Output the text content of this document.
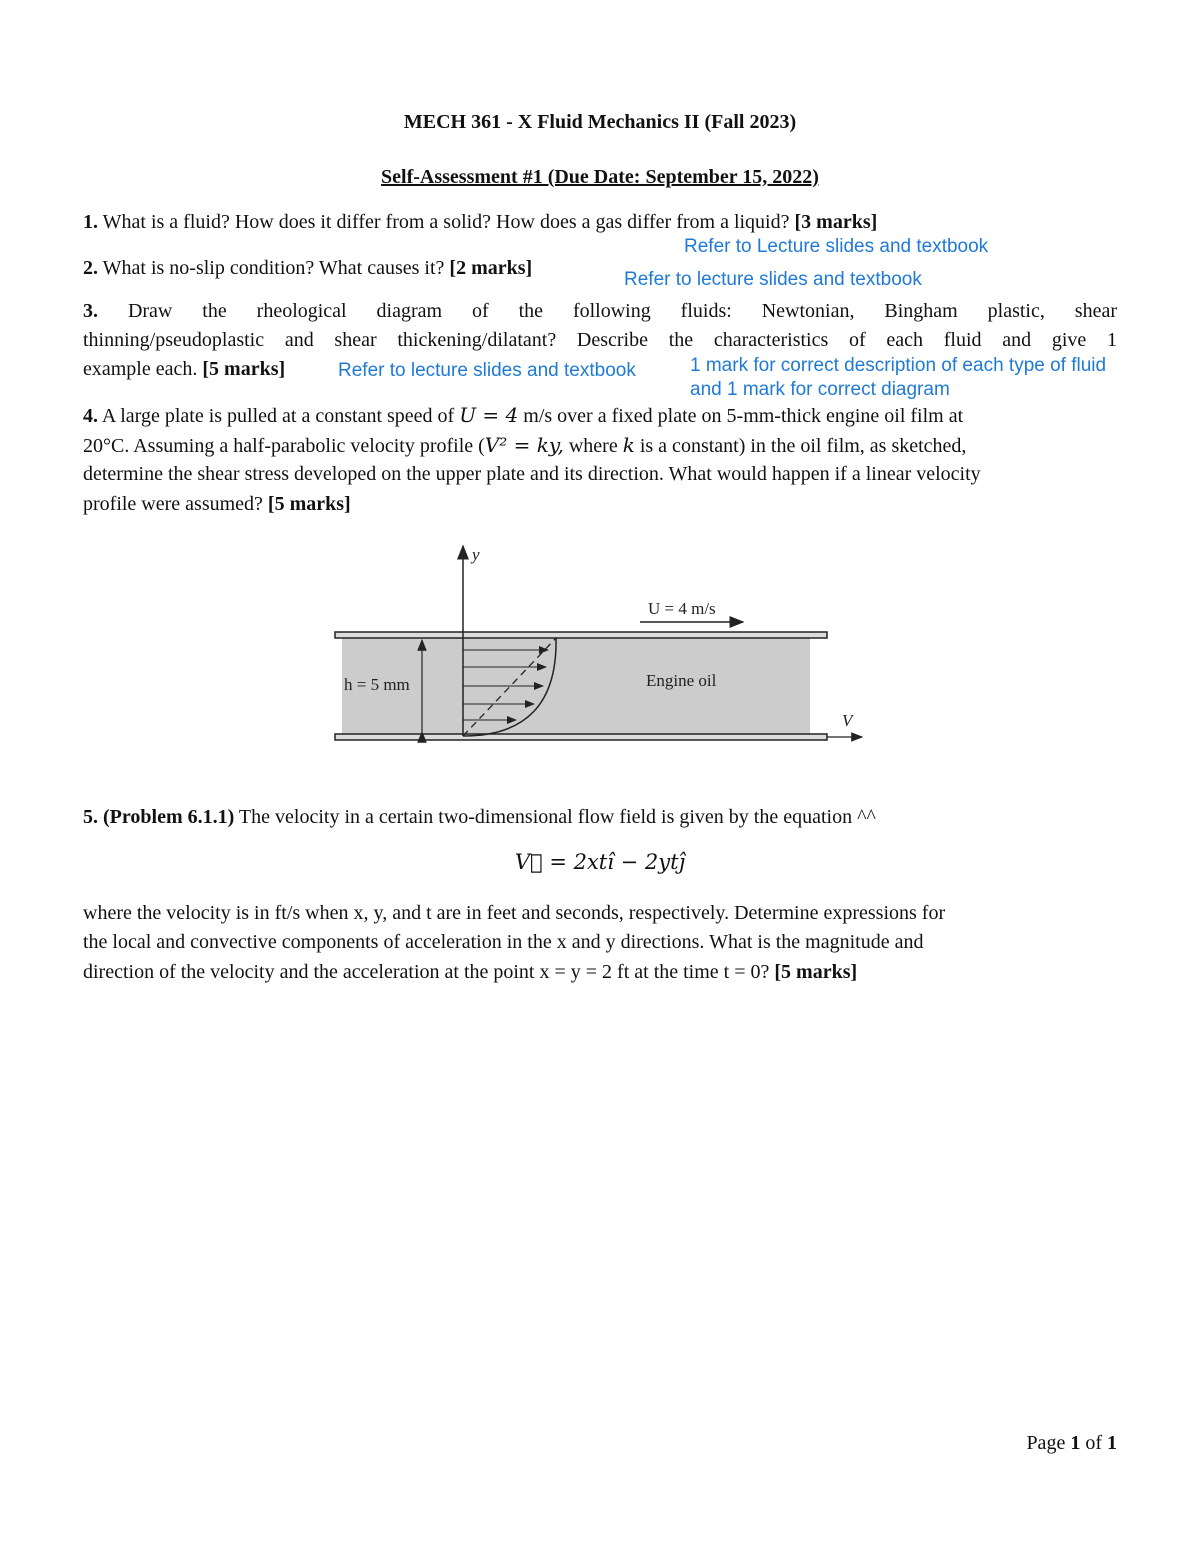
MECH 361 - X Fluid Mechanics II (Fall 2023)
Self-Assessment #1 (Due Date: September 15, 2022)
1. What is a fluid? How does it differ from a solid? How does a gas differ from a liquid? [3 marks]
Refer to Lecture slides and textbook
2. What is no-slip condition? What causes it? [2 marks]
Refer to lecture slides and textbook
3. Draw the rheological diagram of the following fluids: Newtonian, Bingham plastic, shear
thinning/pseudoplastic and shear thickening/dilatant? Describe the characteristics of each fluid and give 1
example each. [5 marks]	Refer to lecture slides and textbook	1 mark for correct description of each type of fluid
and 1 mark for correct diagram
4. A large plate is pulled at a constant speed of U = 4 m/s over a fixed plate on 5-mm-thick engine oil film at
20°C. Assuming a half-parabolic velocity profile (V² = ky, where k is a constant) in the oil film, as sketched,
determine the shear stress developed on the upper plate and its direction. What would happen if a linear velocity
profile were assumed? [5 marks]
y
U = 4 m/s
h = 5 mm	Engine oil
V
5. (Problem 6.1.1) The velocity in a certain two-dimensional flow field is given by the equation ^^
V⃗ = 2xtî − 2ytĵ
where the velocity is in ft/s when x, y, and t are in feet and seconds, respectively. Determine expressions for
the local and convective components of acceleration in the x and y directions. What is the magnitude and
direction of the velocity and the acceleration at the point x = y = 2 ft at the time t = 0? [5 marks]
Page 1 of 1
